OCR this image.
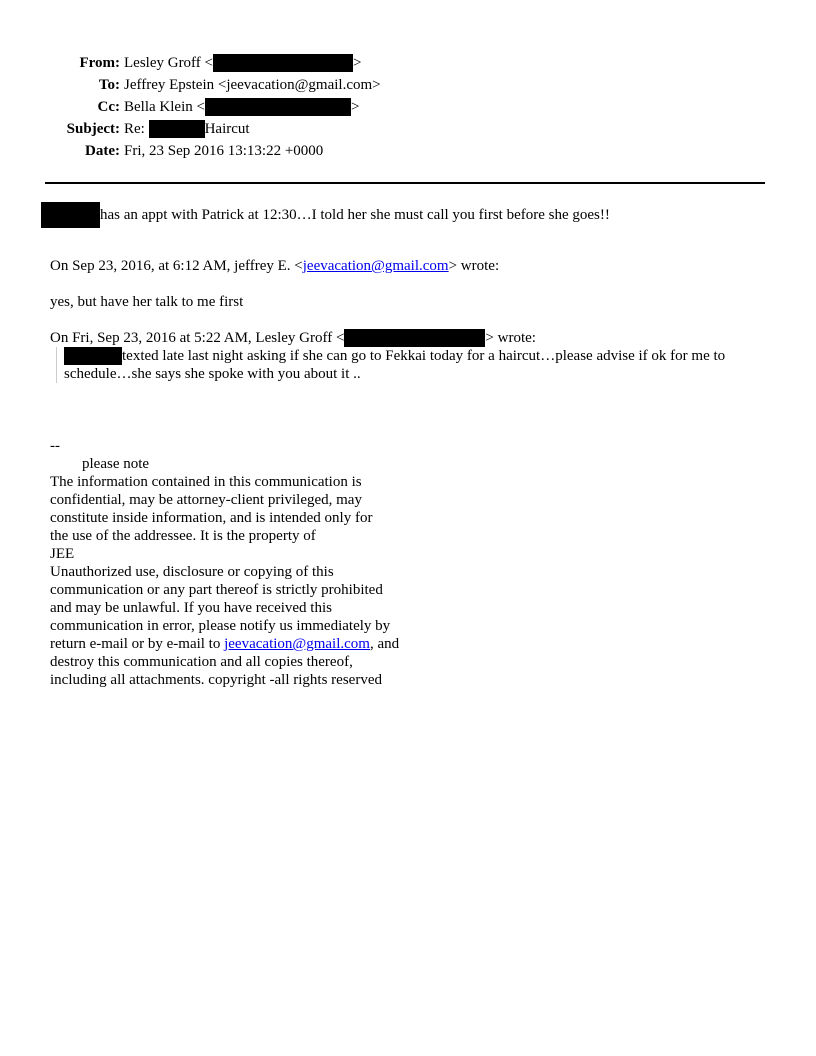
From: Lesley Groff <	>
To: Jeffrey Epstein <jeevacation@gmail.com>
Cc: Bella Klein <	>
Subject: Re:	Haircut
Date: Fri, 23 Sep 2016 13:13:22 +0000
has an appt with Patrick at 12:30…I told her she must call you first before she goes!!
On Sep 23, 2016, at 6:12 AM, jeffrey E. <jeevacation@gmail.com> wrote:
yes, but have her talk to me first
On Fri, Sep 23, 2016 at 5:22 AM, Lesley Groff <	> wrote:
texted late last night asking if she can go to Fekkai today for a haircut…please advise if ok for me to
schedule…she says she spoke with you about it ..
--
please note
The information contained in this communication is
confidential, may be attorney-client privileged, may
constitute inside information, and is intended only for
the use of the addressee. It is the property of
JEE
Unauthorized use, disclosure or copying of this
communication or any part thereof is strictly prohibited
and may be unlawful. If you have received this
communication in error, please notify us immediately by
return e-mail or by e-mail to jeevacation@gmail.com, and
destroy this communication and all copies thereof,
including all attachments. copyright -all rights reserved
